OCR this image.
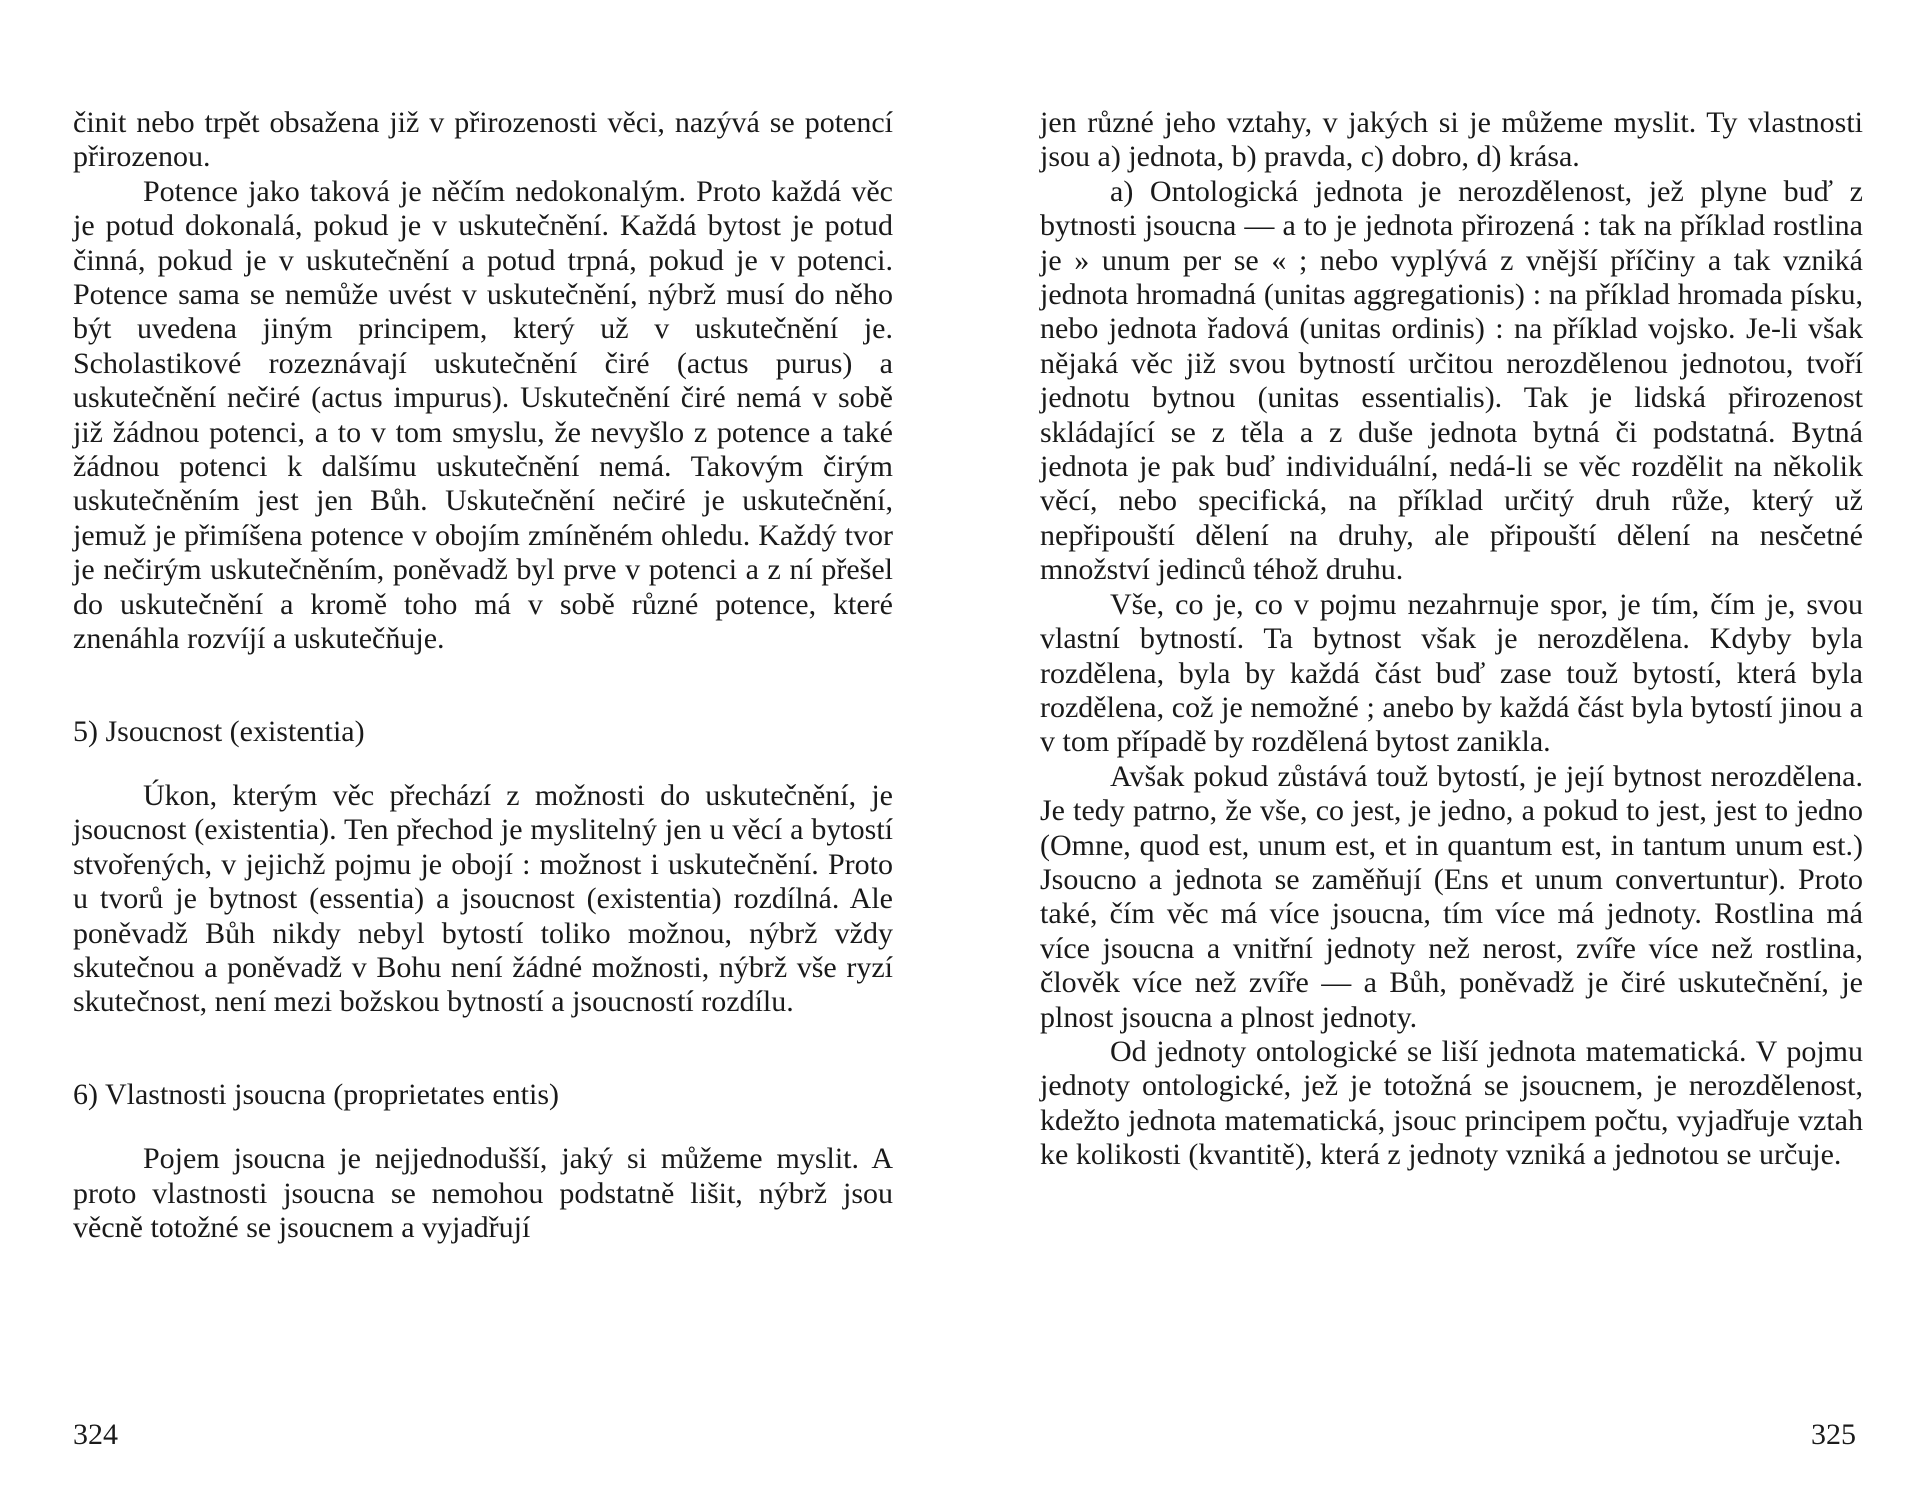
činit nebo trpět obsažena již v přirozenosti věci, nazývá se potencí přirozenou.

Potence jako taková je něčím nedokonalým. Proto každá věc je potud dokonalá, pokud je v uskutečnění. Každá bytost je potud činná, pokud je v uskutečnění a potud trpná, pokud je v potenci. Potence sama se nemůže uvést v uskutečnění, nýbrž musí do něho být uvedena jiným principem, který už v uskutečnění je. Scholastikové rozeznávají uskutečnění čiré (actus purus) a uskutečnění nečiré (actus impurus). Uskutečnění čiré nemá v sobě již žádnou potenci, a to v tom smyslu, že nevyšlo z potence a také žádnou potenci k dalšímu uskutečnění nemá. Takovým čirým uskutečněním jest jen Bůh. Uskutečnění nečiré je uskutečnění, jemuž je přimíšena potence v obojím zmíněném ohledu. Každý tvor je nečirým uskutečněním, poněvadž byl prve v potenci a z ní přešel do uskutečnění a kromě toho má v sobě různé potence, které znenáhla rozvíjí a uskutečňuje.

5) Jsoucnost (existentia)

Úkon, kterým věc přechází z možnosti do uskutečnění, je jsoucnost (existentia). Ten přechod je myslitelný jen u věcí a bytostí stvořených, v jejichž pojmu je obojí : možnost i uskutečnění. Proto u tvorů je bytnost (essentia) a jsoucnost (existentia) rozdílná. Ale poněvadž Bůh nikdy nebyl bytostí toliko možnou, nýbrž vždy skutečnou a poněvadž v Bohu není žádné možnosti, nýbrž vše ryzí skutečnost, není mezi božskou bytností a jsoucností rozdílu.

6) Vlastnosti jsoucna (proprietates entis)

Pojem jsoucna je nejjednodušší, jaký si můžeme myslit. A proto vlastnosti jsoucna se nemohou podstatně lišit, nýbrž jsou věcně totožné se jsoucnem a vyjadřují

324

jen různé jeho vztahy, v jakých si je můžeme myslit. Ty vlastnosti jsou a) jednota, b) pravda, c) dobro, d) krása.

a) Ontologická jednota je nerozdělenost, jež plyne buď z bytnosti jsoucna — a to je jednota přirozená : tak na příklad rostlina je » unum per se « ; nebo vyplývá z vnější příčiny a tak vzniká jednota hromadná (unitas aggregationis) : na příklad hromada písku, nebo jednota řadová (unitas ordinis) : na příklad vojsko. Je-li však nějaká věc již svou bytností určitou nerozdělenou jednotou, tvoří jednotu bytnou (unitas essentialis). Tak je lidská přirozenost skládající se z těla a z duše jednota bytná či podstatná. Bytná jednota je pak buď individuální, nedá-li se věc rozdělit na několik věcí, nebo specifická, na příklad určitý druh růže, který už nepřipouští dělení na druhy, ale připouští dělení na nesčetné množství jedinců téhož druhu.

Vše, co je, co v pojmu nezahrnuje spor, je tím, čím je, svou vlastní bytností. Ta bytnost však je nerozdělena. Kdyby byla rozdělena, byla by každá část buď zase touž bytostí, která byla rozdělena, což je nemožné ; anebo by každá část byla bytostí jinou a v tom případě by rozdělená bytost zanikla.

Avšak pokud zůstává touž bytostí, je její bytnost nerozdělena. Je tedy patrno, že vše, co jest, je jedno, a pokud to jest, jest to jedno (Omne, quod est, unum est, et in quantum est, in tantum unum est.) Jsoucno a jednota se zaměňují (Ens et unum convertuntur). Proto také, čím věc má více jsoucna, tím více má jednoty. Rostlina má více jsoucna a vnitřní jednoty než nerost, zvíře více než rostlina, člověk více než zvíře — a Bůh, poněvadž je čiré uskutečnění, je plnost jsoucna a plnost jednoty.

Od jednoty ontologické se liší jednota matematická. V pojmu jednoty ontologické, jež je totožná se jsoucnem, je nerozdělenost, kdežto jednota matematická, jsouc principem počtu, vyjadřuje vztah ke kolikosti (kvantitě), která z jednoty vzniká a jednotou se určuje.

325
